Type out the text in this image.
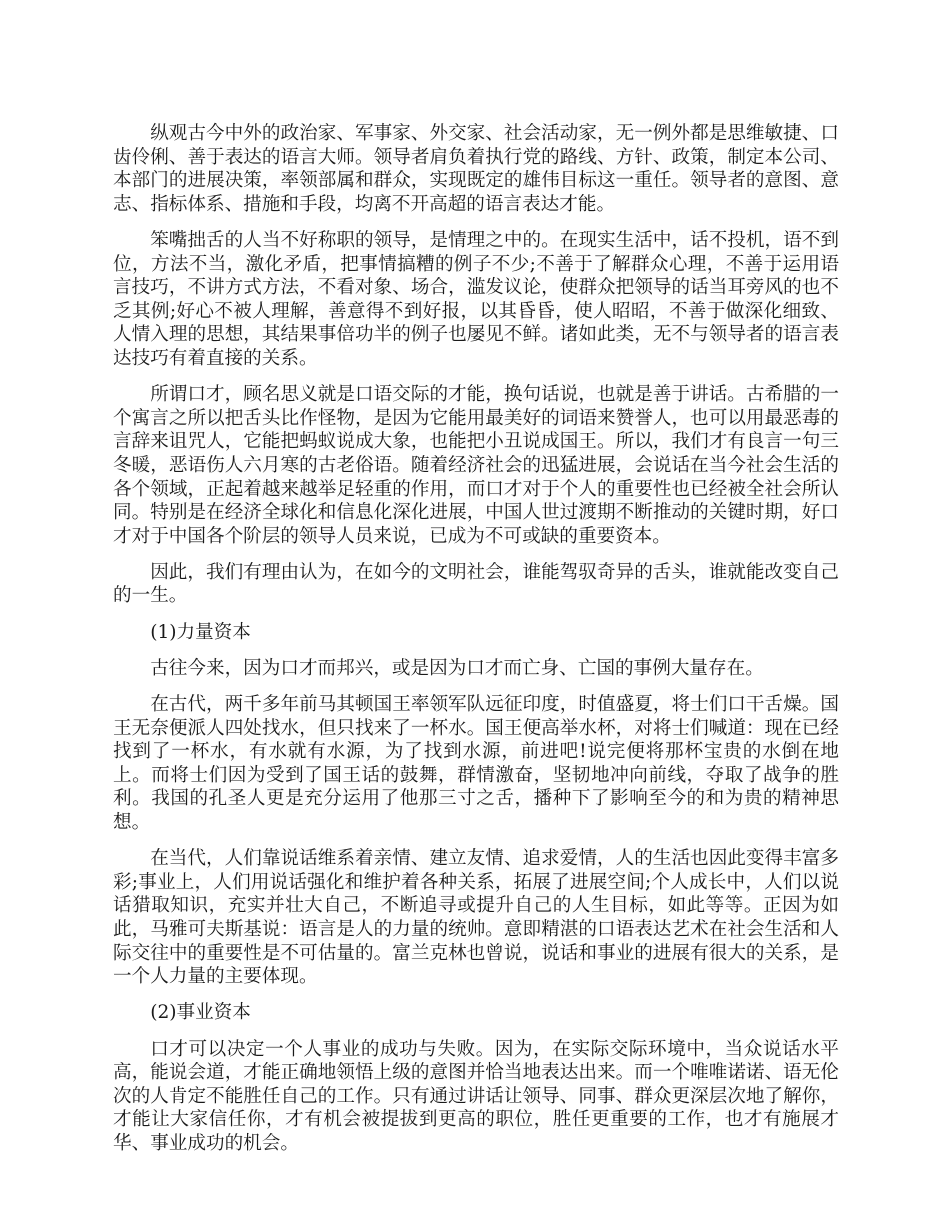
纵观古今中外的政治家、军事家、外交家、社会活动家，无一例外都是思维敏捷、口齿伶俐、善于表达的语言大师。领导者肩负着执行党的路线、方针、政策，制定本公司、本部门的进展决策，率领部属和群众，实现既定的雄伟目标这一重任。领导者的意图、意志、指标体系、措施和手段，均离不开高超的语言表达才能。

笨嘴拙舌的人当不好称职的领导，是情理之中的。在现实生活中，话不投机，语不到位，方法不当，激化矛盾，把事情搞糟的例子不少;不善于了解群众心理，不善于运用语言技巧，不讲方式方法，不看对象、场合，滥发议论，使群众把领导的话当耳旁风的也不乏其例;好心不被人理解，善意得不到好报，以其昏昏，使人昭昭，不善于做深化细致、人情入理的思想，其结果事倍功半的例子也屡见不鲜。诸如此类，无不与领导者的语言表达技巧有着直接的关系。

所谓口才，顾名思义就是口语交际的才能，换句话说，也就是善于讲话。古希腊的一个寓言之所以把舌头比作怪物，是因为它能用最美好的词语来赞誉人，也可以用最恶毒的言辞来诅咒人，它能把蚂蚁说成大象，也能把小丑说成国王。所以，我们才有良言一句三冬暖，恶语伤人六月寒的古老俗语。随着经济社会的迅猛进展，会说话在当今社会生活的各个领域，正起着越来越举足轻重的作用，而口才对于个人的重要性也已经被全社会所认同。特别是在经济全球化和信息化深化进展，中国人世过渡期不断推动的关键时期，好口才对于中国各个阶层的领导人员来说，已成为不可或缺的重要资本。

因此，我们有理由认为，在如今的文明社会，谁能驾驭奇异的舌头，谁就能改变自己的一生。

(1)力量资本

古往今来，因为口才而邦兴，或是因为口才而亡身、亡国的事例大量存在。

在古代，两千多年前马其顿国王率领军队远征印度，时值盛夏，将士们口干舌燥。国王无奈便派人四处找水，但只找来了一杯水。国王便高举水杯，对将士们喊道：现在已经找到了一杯水，有水就有水源，为了找到水源，前进吧!说完便将那杯宝贵的水倒在地上。而将士们因为受到了国王话的鼓舞，群情激奋，坚韧地冲向前线，夺取了战争的胜利。我国的孔圣人更是充分运用了他那三寸之舌，播种下了影响至今的和为贵的精神思想。

在当代，人们靠说话维系着亲情、建立友情、追求爱情，人的生活也因此变得丰富多彩;事业上，人们用说话强化和维护着各种关系，拓展了进展空间;个人成长中，人们以说话猎取知识，充实并壮大自己，不断追寻或提升自己的人生目标，如此等等。正因为如此，马雅可夫斯基说：语言是人的力量的统帅。意即精湛的口语表达艺术在社会生活和人际交往中的重要性是不可估量的。富兰克林也曾说，说话和事业的进展有很大的关系，是一个人力量的主要体现。

(2)事业资本

口才可以决定一个人事业的成功与失败。因为，在实际交际环境中，当众说话水平高，能说会道，才能正确地领悟上级的意图并恰当地表达出来。而一个唯唯诺诺、语无伦次的人肯定不能胜任自己的工作。只有通过讲话让领导、同事、群众更深层次地了解你，才能让大家信任你，才有机会被提拔到更高的职位，胜任更重要的工作，也才有施展才华、事业成功的机会。
